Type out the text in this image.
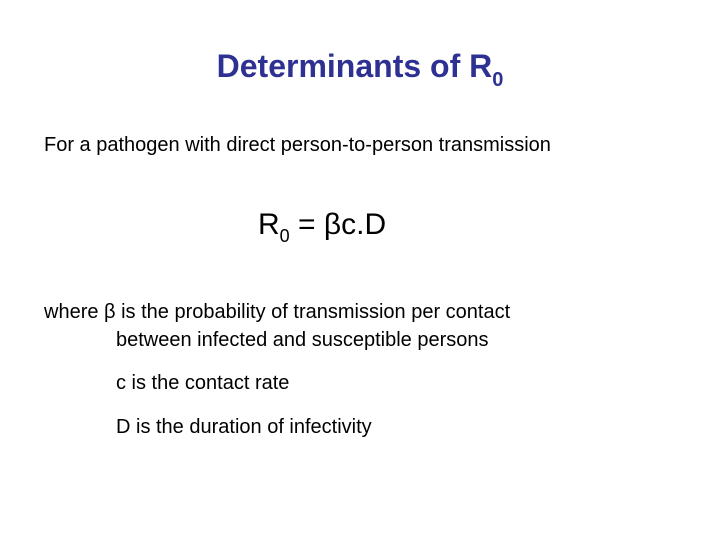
Determinants of $R_0$
For a pathogen with direct person-to-person transmission
$R_0 = \beta c.D$
where β is the probability of transmission per contact
between infected and susceptible persons
c is the contact rate
D is the duration of infectivity
